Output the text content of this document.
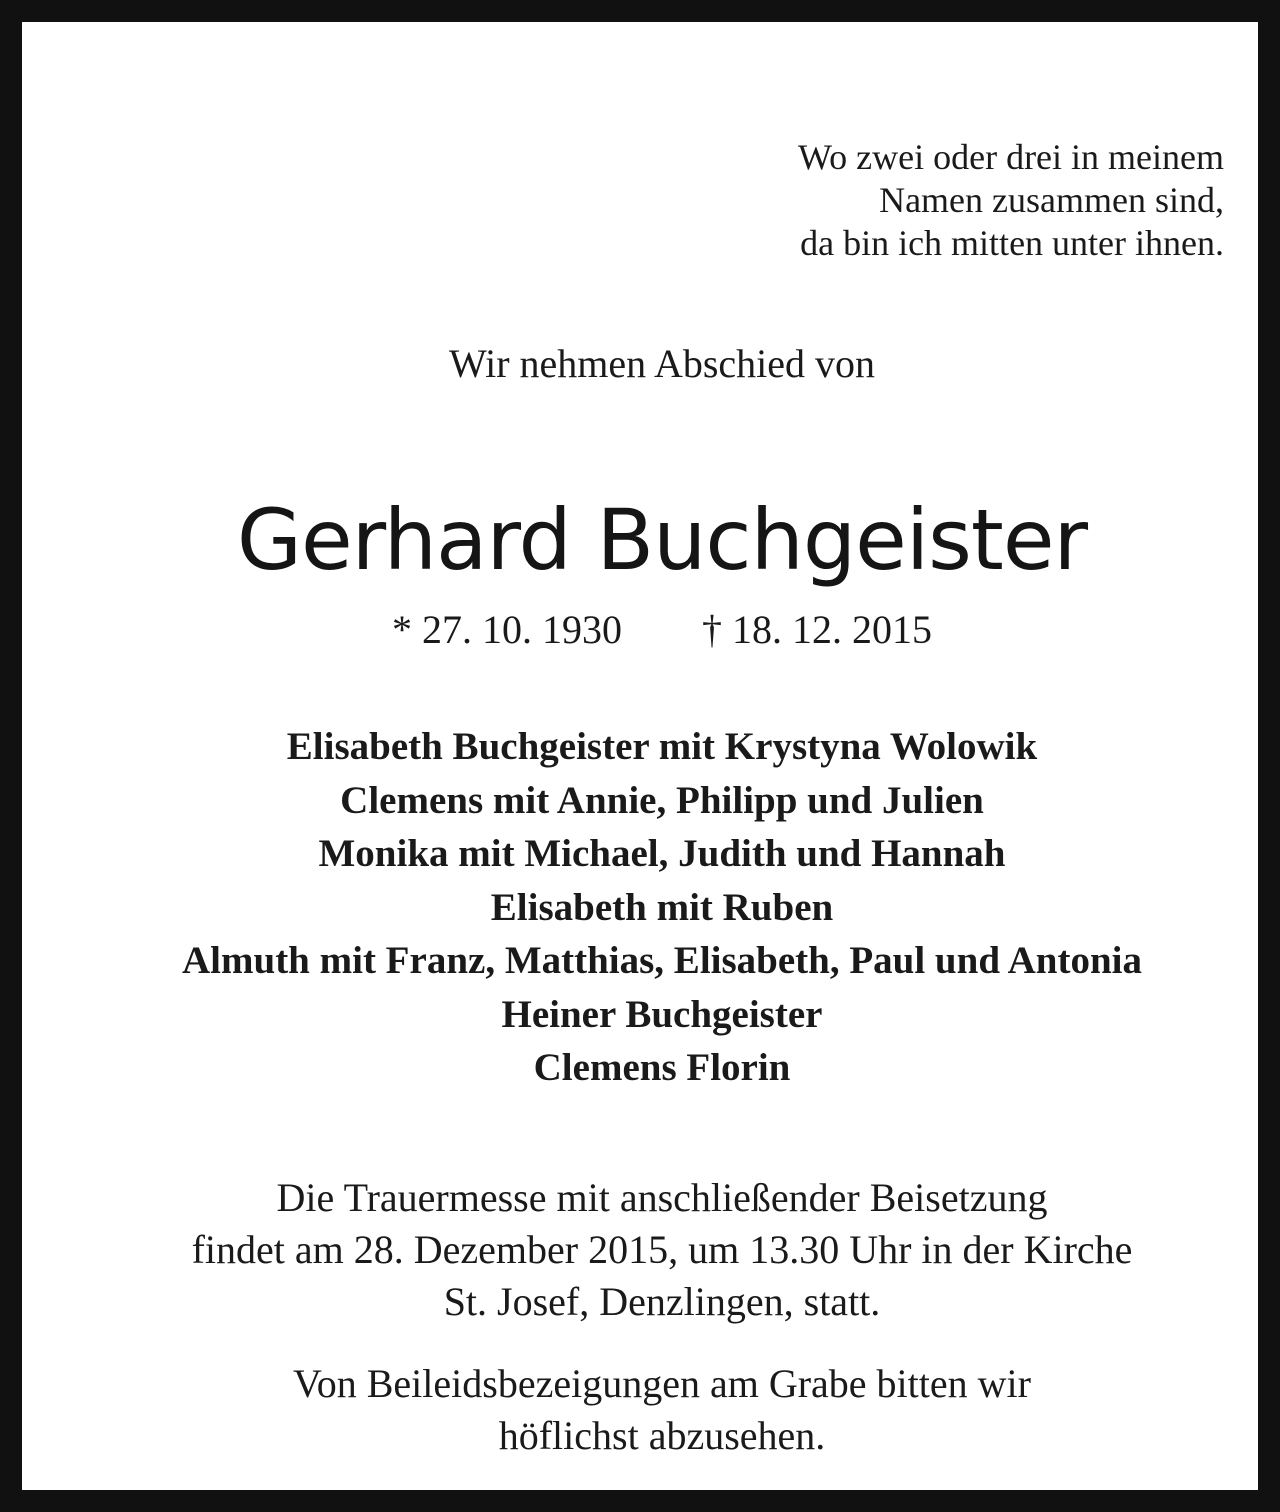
Wo zwei oder drei in meinem
Namen zusammen sind,
da bin ich mitten unter ihnen.

Wir nehmen Abschied von

Gerhard Buchgeister

* 27. 10. 1930 † 18. 12. 2015

Elisabeth Buchgeister mit Krystyna Wolowik
Clemens mit Annie, Philipp und Julien
Monika mit Michael, Judith und Hannah
Elisabeth mit Ruben
Almuth mit Franz, Matthias, Elisabeth, Paul und Antonia
Heiner Buchgeister
Clemens Florin

Die Trauermesse mit anschließender Beisetzung
findet am 28. Dezember 2015, um 13.30 Uhr in der Kirche
St. Josef, Denzlingen, statt.

Von Beileidsbezeigungen am Grabe bitten wir
höflichst abzusehen.
